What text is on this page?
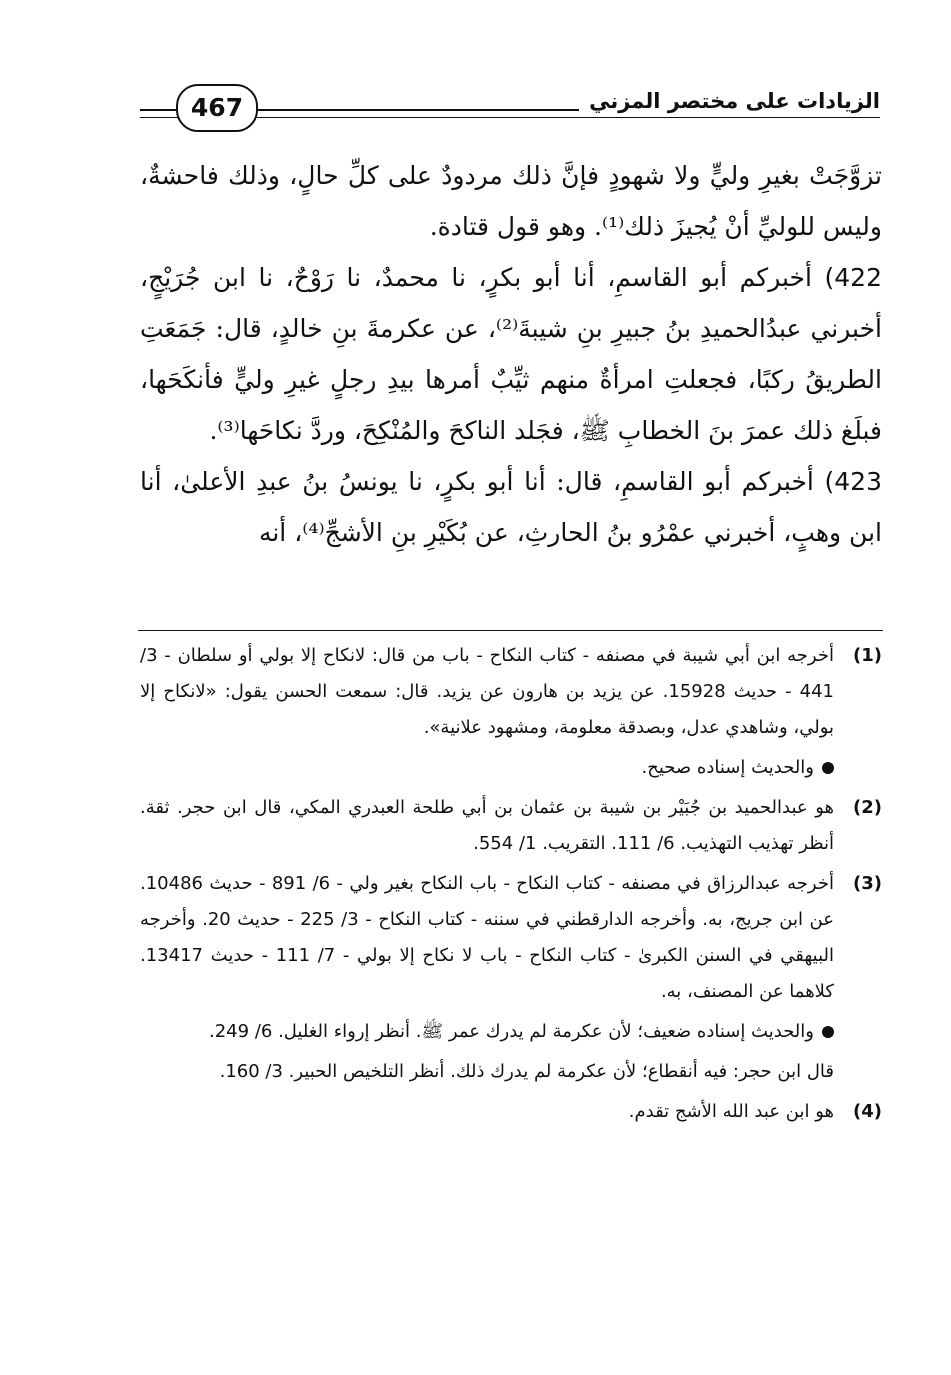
الزيادات على مختصر المزني
467

تزوَّجَتْ بغيرِ وليٍّ ولا شهودٍ فإنَّ ذلك مردودٌ على كلِّ حالٍ، وذلك فاحشةٌ، وليس للوليِّ أنْ يُجيزَ ذلك⁽¹⁾. وهو قول قتادة.

422) أخبركم أبو القاسمِ، أنا أبو بكرٍ، نا محمدٌ، نا رَوْحٌ، نا ابن جُرَيْجٍ، أخبرني عبدُالحميدِ بنُ جبيرِ بنِ شيبةَ⁽²⁾، عن عكرمةَ بنِ خالدٍ، قال: جَمَعَتِ الطريقُ ركبًا، فجعلتِ امرأةٌ منهم ثيِّبٌ أمرها بيدِ رجلٍ غيرِ وليٍّ فأنكَحَها، فبلَغ ذلك عمرَ بنَ الخطابِ ﷺ، فجَلد الناكحَ والمُنْكِحَ، وردَّ نكاحَها⁽³⁾.

423) أخبركم أبو القاسمِ، قال: أنا أبو بكرٍ، نا يونسُ بنُ عبدِ الأعلىٰ، أنا ابن وهبٍ، أخبرني عمْرُو بنُ الحارثِ، عن بُكَيْرِ بنِ الأشجِّ⁽⁴⁾، أنه

(1)
أخرجه ابن أبي شيبة في مصنفه - كتاب النكاح - باب من قال: لانكاح إلا بولي أو سلطان - 3/ 441 - حديث 15928. عن يزيد بن هارون عن يزيد. قال: سمعت الحسن يقول: «لانكاح إلا بولي، وشاهدي عدل، وبصدقة معلومة، ومشهود علانية».
والحديث إسناده صحيح.
(2)
هو عبدالحميد بن جُبَيْر بن شيبة بن عثمان بن أبي طلحة العبدري المكي، قال ابن حجر. ثقة. أنظر تهذيب التهذيب. 6/ 111. التقريب. 1/ 554.
(3)
أخرجه عبدالرزاق في مصنفه - كتاب النكاح - باب النكاح بغير ولي - 6/ 891 - حديث 10486. عن ابن جريج، به. وأخرجه الدارقطني في سننه - كتاب النكاح - 3/ 225 - حديث 20. وأخرجه البيهقي في السنن الكبرىٰ - كتاب النكاح - باب لا نكاح إلا بولي - 7/ 111 - حديث 13417. كلاهما عن المصنف، به.
والحديث إسناده ضعيف؛ لأن عكرمة لم يدرك عمر ﷺ. أنظر إرواء الغليل. 6/ 249.
قال ابن حجر: فيه أنقطاع؛ لأن عكرمة لم يدرك ذلك. أنظر التلخيص الحبير. 3/ 160.
(4)
هو ابن عبد الله الأشج تقدم.
